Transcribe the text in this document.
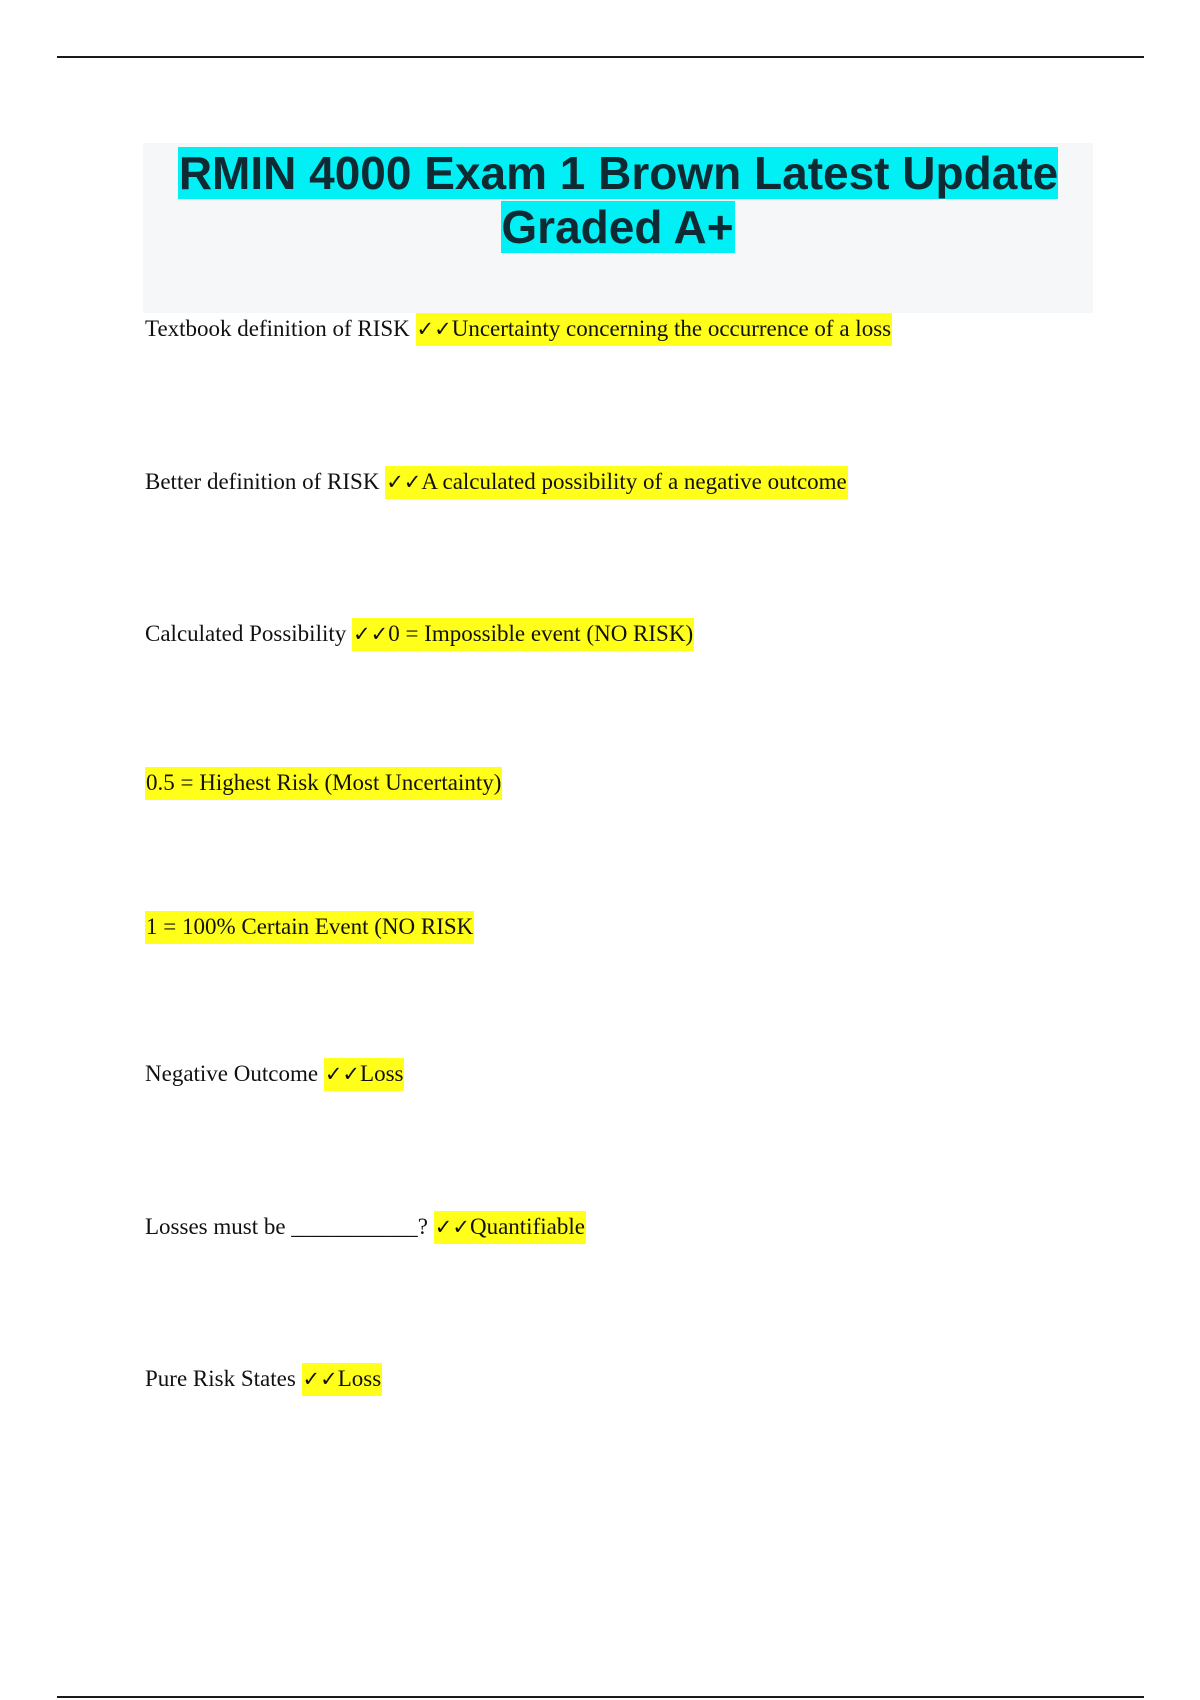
RMIN 4000 Exam 1 Brown Latest Update Graded A+

Textbook definition of RISK ✓✓Uncertainty concerning the occurrence of a loss

Better definition of RISK ✓✓A calculated possibility of a negative outcome

Calculated Possibility ✓✓0 = Impossible event (NO RISK)

0.5 = Highest Risk (Most Uncertainty)

1 = 100% Certain Event (NO RISK

Negative Outcome ✓✓Loss

Losses must be ___________? ✓✓Quantifiable

Pure Risk States ✓✓Loss
